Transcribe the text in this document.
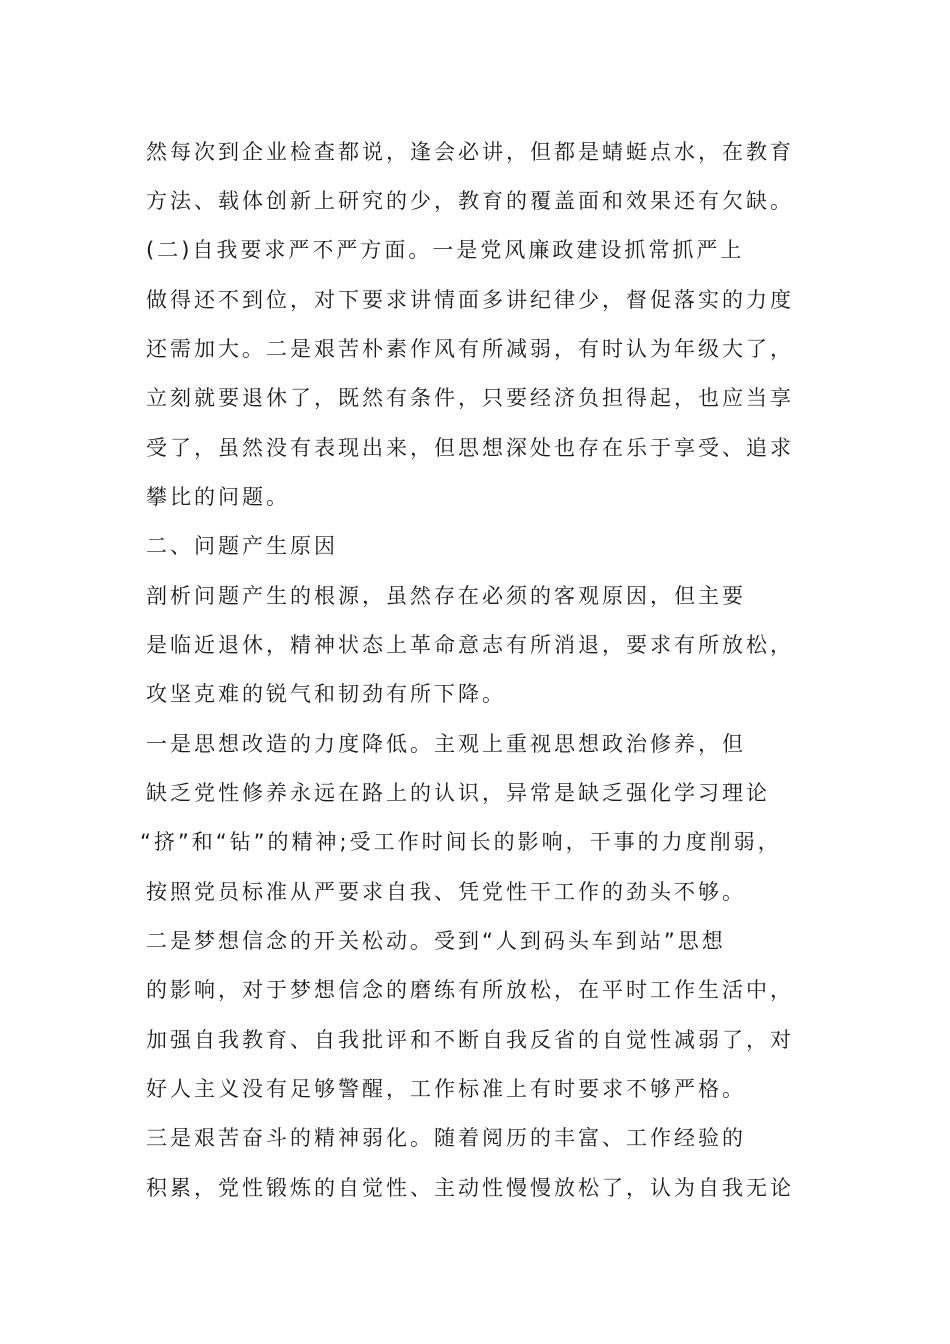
然每次到企业检查都说，逢会必讲，但都是蜻蜓点水，在教育
方法、载体创新上研究的少，教育的覆盖面和效果还有欠缺。
(二)自我要求严不严方面。一是党风廉政建设抓常抓严上
做得还不到位，对下要求讲情面多讲纪律少，督促落实的力度
还需加大。二是艰苦朴素作风有所减弱，有时认为年级大了，
立刻就要退休了，既然有条件，只要经济负担得起，也应当享
受了，虽然没有表现出来，但思想深处也存在乐于享受、追求
攀比的问题。
二、问题产生原因
剖析问题产生的根源，虽然存在必须的客观原因，但主要
是临近退休，精神状态上革命意志有所消退，要求有所放松，
攻坚克难的锐气和韧劲有所下降。
一是思想改造的力度降低。主观上重视思想政治修养，但
缺乏党性修养永远在路上的认识，异常是缺乏强化学习理论
“挤”和“钻”的精神;受工作时间长的影响，干事的力度削弱，
按照党员标准从严要求自我、凭党性干工作的劲头不够。
二是梦想信念的开关松动。受到“人到码头车到站”思想
的影响，对于梦想信念的磨练有所放松，在平时工作生活中，
加强自我教育、自我批评和不断自我反省的自觉性减弱了，对
好人主义没有足够警醒，工作标准上有时要求不够严格。
三是艰苦奋斗的精神弱化。随着阅历的丰富、工作经验的
积累，党性锻炼的自觉性、主动性慢慢放松了，认为自我无论
